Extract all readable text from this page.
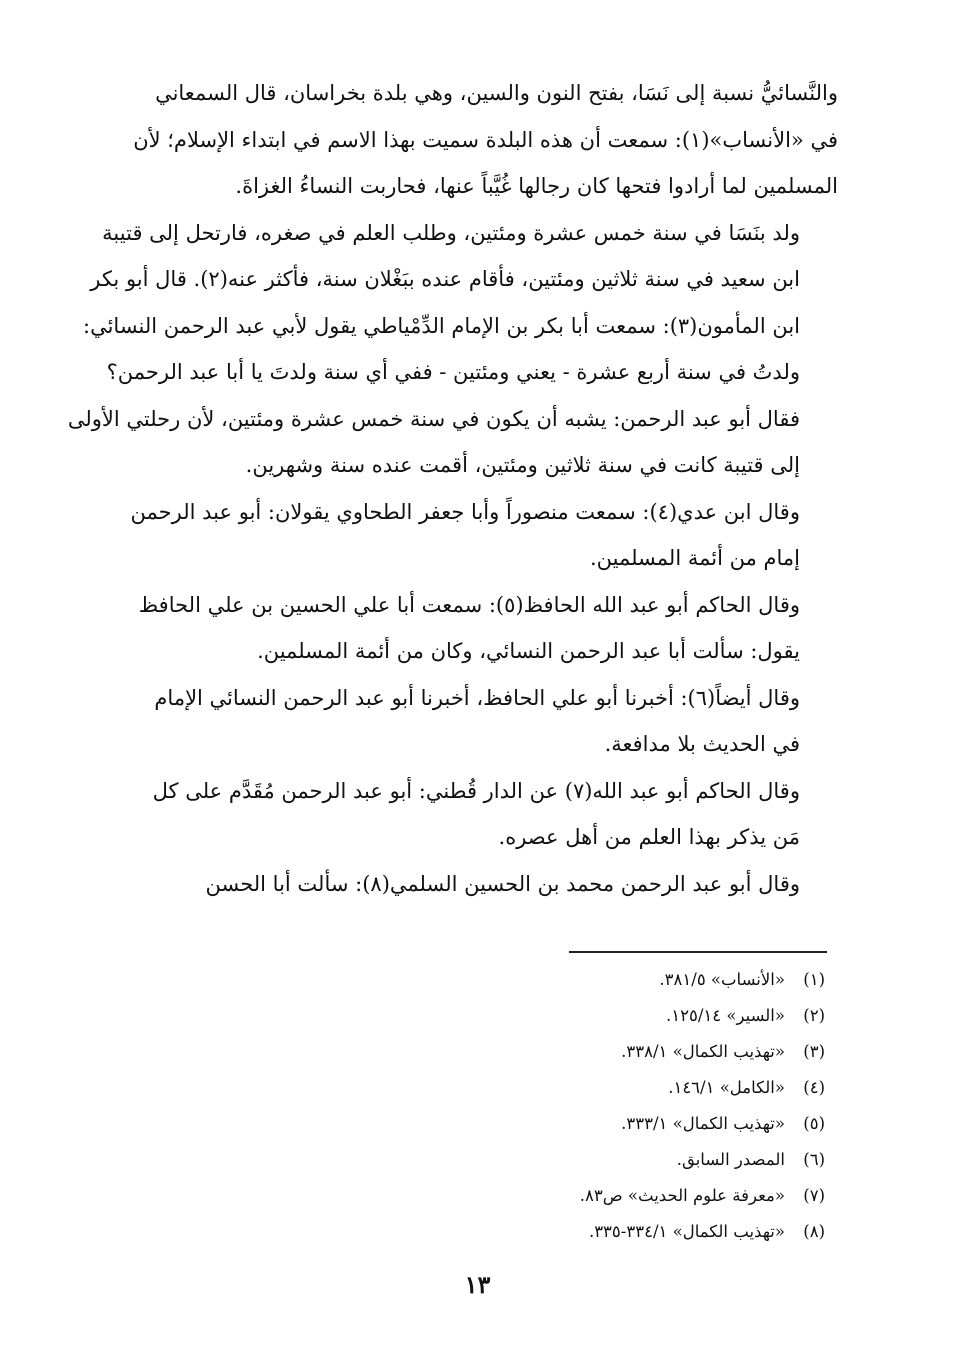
والنَّسائيُّ نسبة إلى نَسَا، بفتح النون والسين، وهي بلدة بخراسان، قال السمعاني
في «الأنساب»(١): سمعت أن هذه البلدة سميت بهذا الاسم في ابتداء الإسلام؛ لأن
المسلمين لما أرادوا فتحها كان رجالها غُيَّباً عنها، فحاربت النساءُ الغزاةَ.

ولد بنَسَا في سنة خمس عشرة ومئتين، وطلب العلم في صغره، فارتحل إلى قتيبة
ابن سعيد في سنة ثلاثين ومئتين، فأقام عنده ببَغْلان سنة، فأكثر عنه(٢). قال أبو بكر
ابن المأمون(٣): سمعت أبا بكر بن الإمام الدِّمْياطي يقول لأبي عبد الرحمن النسائي:
ولدتُ في سنة أربع عشرة - يعني ومئتين - ففي أي سنة ولدتَ يا أبا عبد الرحمن؟
فقال أبو عبد الرحمن: يشبه أن يكون في سنة خمس عشرة ومئتين، لأن رحلتي الأولى
إلى قتيبة كانت في سنة ثلاثين ومئتين، أقمت عنده سنة وشهرين.

وقال ابن عدي(٤): سمعت منصوراً وأبا جعفر الطحاوي يقولان: أبو عبد الرحمن
إمام من أئمة المسلمين.

وقال الحاكم أبو عبد الله الحافظ(٥): سمعت أبا علي الحسين بن علي الحافظ
يقول: سألت أبا عبد الرحمن النسائي، وكان من أئمة المسلمين.

وقال أيضاً(٦): أخبرنا أبو علي الحافظ، أخبرنا أبو عبد الرحمن النسائي الإمام
في الحديث بلا مدافعة.

وقال الحاكم أبو عبد الله(٧) عن الدار قُطني: أبو عبد الرحمن مُقَدَّم على كل
مَن يذكر بهذا العلم من أهل عصره.

وقال أبو عبد الرحمن محمد بن الحسين السلمي(٨): سألت أبا الحسن

(١)«الأنساب» ٣٨١/٥.
(٢)«السير» ١٢٥/١٤.
(٣)«تهذيب الكمال» ٣٣٨/١.
(٤)«الكامل» ١٤٦/١.
(٥)«تهذيب الكمال» ٣٣٣/١.
(٦)المصدر السابق.
(٧)«معرفة علوم الحديث» ص٨٣.
(٨)«تهذيب الكمال» ٣٣٤/١-٣٣٥.
١٣
